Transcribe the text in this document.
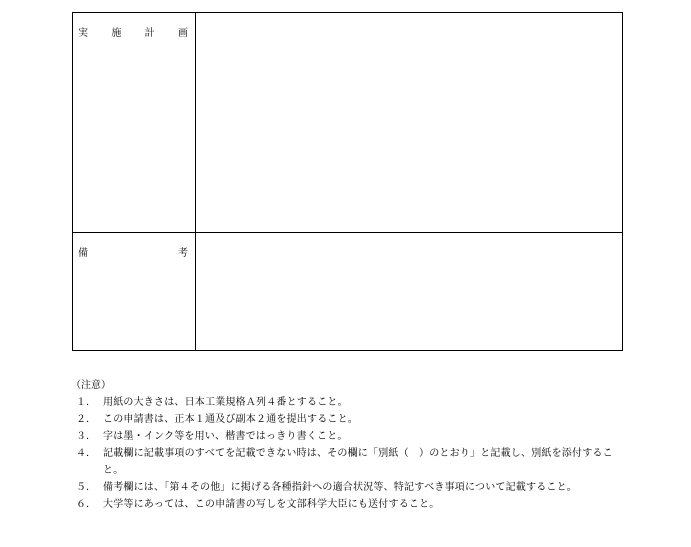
実 施 計 画
備	考
（注意）
１． 用紙の大きさは、日本工業規格Ａ列４番とすること。
２． この申請書は、正本１通及び副本２通を提出すること。
３． 字は墨・インク等を用い、楷書ではっきり書くこと。
４． 記載欄に記載事項のすべてを記載できない時は、その欄に「別紙（　）のとおり」と記載し、別紙を添付すること。
５． 備考欄には、「第４その他」に掲げる各種指針への適合状況等、特記すべき事項について記載すること。
６． 大学等にあっては、この申請書の写しを文部科学大臣にも送付すること。
